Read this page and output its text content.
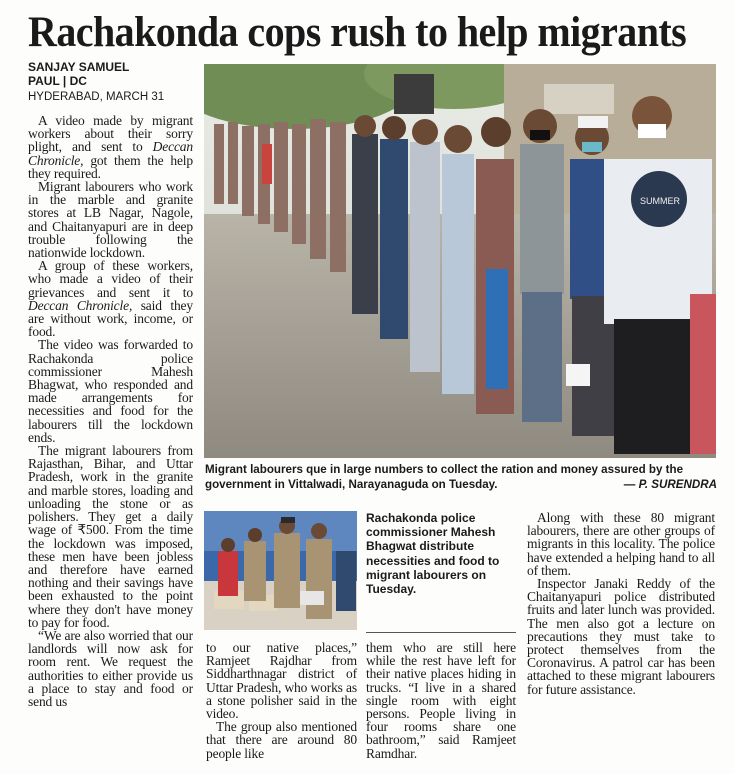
Rachakonda cops rush to help migrants
SANJAY SAMUEL
PAUL | DC
HYDERABAD, MARCH 31

A video made by migrant workers about their sorry plight, and sent to Deccan Chronicle, got them the help they required.

Migrant labourers who work in the marble and granite stores at LB Nagar, Nagole, and Chaitanyapuri are in deep trouble following the nationwide lockdown.

A group of these workers, who made a video of their grievances and sent it to Deccan Chronicle, said they are without work, income, or food.

The video was forwarded to Rachakonda police commissioner Mahesh Bhagwat, who responded and made arrangements for necessities and food for the labourers till the lockdown ends.

The migrant labourers from Rajasthan, Bihar, and Uttar Pradesh, work in the granite and marble stores, loading and unloading the stone or as polishers. They get a daily wage of ₹500. From the time the lockdown was imposed, these men have been jobless and therefore have earned nothing and their savings have been exhausted to the point where they don't have money to pay for food.

“We are also worried that our landlords will now ask for room rent. We request the authorities to either provide us a place to stay and food or send us

SUMMER
Migrant labourers que in large numbers to collect the ration and money assured by the government in Vittalwadi, Narayanaguda on Tuesday.	— P. SURENDRA
Rachakonda police commissioner Mahesh Bhagwat distribute necessities and food to migrant labourers on Tuesday.

to our native places,” Ramjeet Rajdhar from Siddharthnagar district of Uttar Pradesh, who works as a stone polisher said in the video.

The group also mentioned that there are around 80 people like

them who are still here while the rest have left for their native places hiding in trucks. “I live in a shared single room with eight persons. People living in four rooms share one bathroom,” said Ramjeet Ramdhar.

Along with these 80 migrant labourers, there are other groups of migrants in this locality. The police have extended a helping hand to all of them.

Inspector Janaki Reddy of the Chaitanyapuri police distributed fruits and later lunch was provided. The men also got a lecture on precautions they must take to protect themselves from the Coronavirus. A patrol car has been attached to these migrant labourers for future assistance.
